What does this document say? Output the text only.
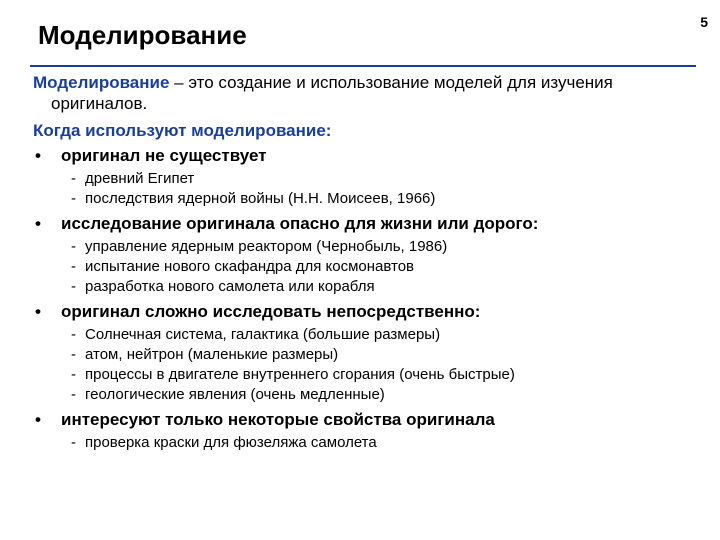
Моделирование	5
Моделирование – это создание и использование моделей для изучения оригиналов.
Когда используют моделирование:
•	оригинал не существует
- древний Египет
- последствия ядерной войны (Н.Н. Моисеев, 1966)
•	исследование оригинала опасно для жизни или дорого:
- управление ядерным реактором (Чернобыль, 1986)
- испытание нового скафандра для космонавтов
- разработка нового самолета или корабля
•	оригинал сложно исследовать непосредственно:
- Солнечная система, галактика (большие размеры)
- атом, нейтрон (маленькие размеры)
- процессы в двигателе внутреннего сгорания (очень быстрые)
- геологические явления (очень медленные)
•	интересуют только некоторые свойства оригинала
- проверка краски для фюзеляжа самолета
